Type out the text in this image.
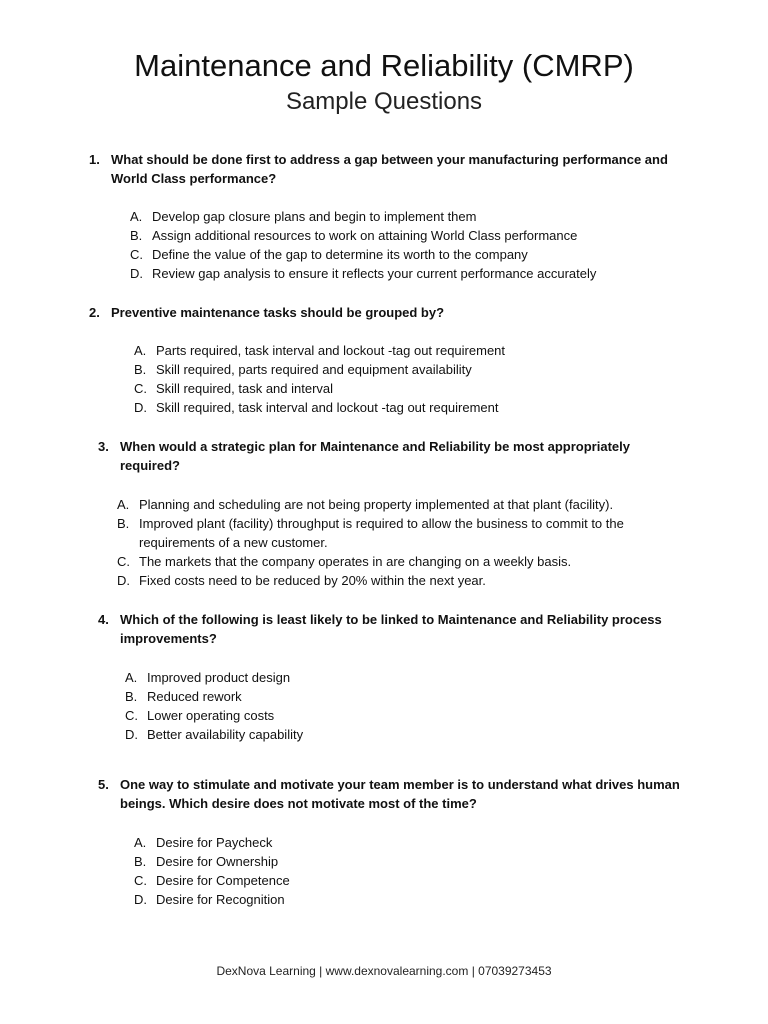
Maintenance and Reliability (CMRP)
Sample Questions
1. What should be done first to address a gap between your manufacturing performance and World Class performance?
A. Develop gap closure plans and begin to implement them
B. Assign additional resources to work on attaining World Class performance
C. Define the value of the gap to determine its worth to the company
D. Review gap analysis to ensure it reflects your current performance accurately
2. Preventive maintenance tasks should be grouped by?
A. Parts required, task interval and lockout -tag out requirement
B. Skill required, parts required and equipment availability
C. Skill required, task and interval
D. Skill required, task interval and lockout -tag out requirement
3. When would a strategic plan for Maintenance and Reliability be most appropriately required?
A. Planning and scheduling are not being property implemented at that plant (facility).
B. Improved plant (facility) throughput is required to allow the business to commit to the requirements of a new customer.
C. The markets that the company operates in are changing on a weekly basis.
D. Fixed costs need to be reduced by 20% within the next year.
4. Which of the following is least likely to be linked to Maintenance and Reliability process improvements?
A. Improved product design
B. Reduced rework
C. Lower operating costs
D. Better availability capability
5. One way to stimulate and motivate your team member is to understand what drives human beings. Which desire does not motivate most of the time?
A. Desire for Paycheck
B. Desire for Ownership
C. Desire for Competence
D. Desire for Recognition
DexNova Learning | www.dexnovalearning.com | 07039273453
